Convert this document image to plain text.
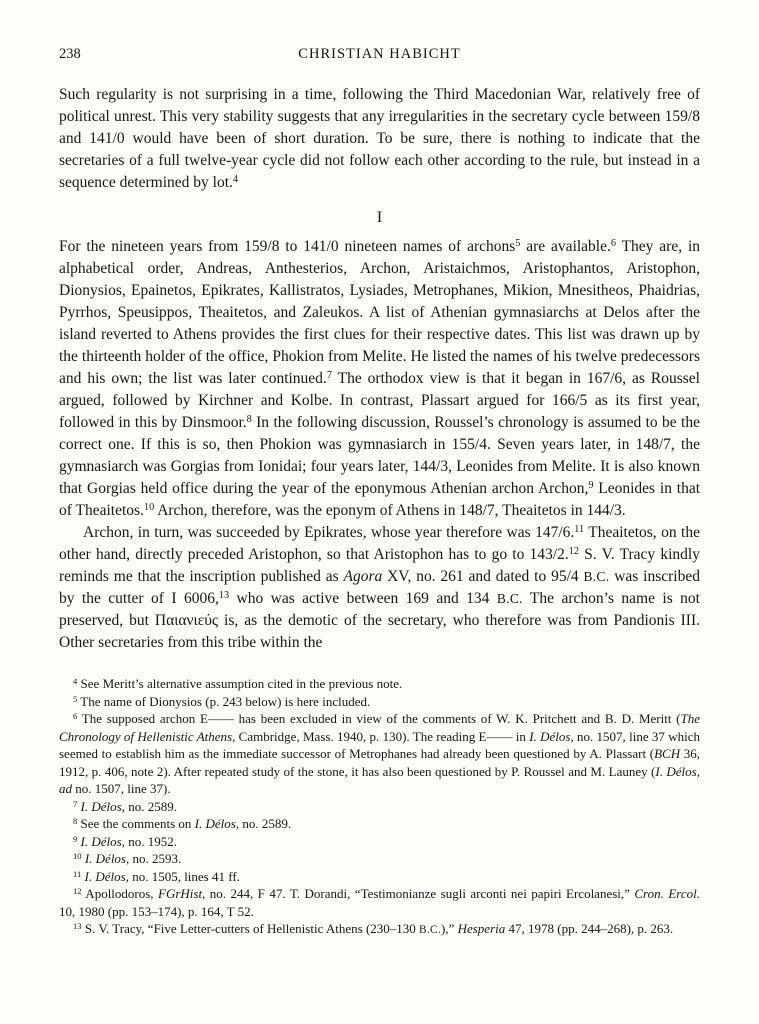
238	CHRISTIAN HABICHT

Such regularity is not surprising in a time, following the Third Macedonian War, relatively free of political unrest. This very stability suggests that any irregularities in the secretary cycle between 159/8 and 141/0 would have been of short duration. To be sure, there is nothing to indicate that the secretaries of a full twelve-year cycle did not follow each other according to the rule, but instead in a sequence determined by lot.$^4$

I

For the nineteen years from 159/8 to 141/0 nineteen names of archons$^5$ are available.$^6$ They are, in alphabetical order, Andreas, Anthesterios, Archon, Aristaichmos, Aristophantos, Aristophon, Dionysios, Epainetos, Epikrates, Kallistratos, Lysiades, Metrophanes, Mikion, Mnesitheos, Phaidrias, Pyrrhos, Speusippos, Theaitetos, and Zaleukos. A list of Athenian gymnasiarchs at Delos after the island reverted to Athens provides the first clues for their respective dates. This list was drawn up by the thirteenth holder of the office, Phokion from Melite. He listed the names of his twelve predecessors and his own; the list was later continued.$^7$ The orthodox view is that it began in 167/6, as Roussel argued, followed by Kirchner and Kolbe. In contrast, Plassart argued for 166/5 as its first year, followed in this by Dinsmoor.$^8$ In the following discussion, Roussel’s chronology is assumed to be the correct one. If this is so, then Phokion was gymnasiarch in 155/4. Seven years later, in 148/7, the gymnasiarch was Gorgias from Ionidai; four years later, 144/3, Leonides from Melite. It is also known that Gorgias held office during the year of the eponymous Athenian archon Archon,$^9$ Leonides in that of Theaitetos.$^{10}$ Archon, therefore, was the eponym of Athens in 148/7, Theaitetos in 144/3.

Archon, in turn, was succeeded by Epikrates, whose year therefore was 147/6.11 Theaitetos, on the other hand, directly preceded Aristophon, so that Aristophon has to go to 143/2.12 S. V. Tracy kindly reminds me that the inscription published as Agora XV, no. 261 and dated to 95/4 B.C. was inscribed by the cutter of I 6006,13 who was active between 169 and 134 B.C. The archon’s name is not preserved, but Παιανιεύς is, as the demotic of the secretary, who therefore was from Pandionis III. Other secretaries from this tribe within the

$^4$ See Meritt’s alternative assumption cited in the previous note.

$^5$ The name of Dionysios (p. 243 below) is here included.

$^6$ The supposed archon E—— has been excluded in view of the comments of W. K. Pritchett and B. D. Meritt (The Chronology of Hellenistic Athens, Cambridge, Mass. 1940, p. 130). The reading E—— in I. Délos, no. 1507, line 37 which seemed to establish him as the immediate successor of Metrophanes had already been questioned by A. Plassart (BCH 36, 1912, p. 406, note 2). After repeated study of the stone, it has also been questioned by P. Roussel and M. Launey (I. Délos, ad no. 1507, line 37).

$^7$ I. Délos, no. 2589.

$^8$ See the comments on I. Délos, no. 2589.

$^9$ I. Délos, no. 1952.

$^{10}$ I. Délos, no. 2593.

$^{11}$ I. Délos, no. 1505, lines 41 ff.

$^{12}$ Apollodoros, FGrHist, no. 244, F 47. T. Dorandi, “Testimonianze sugli arconti nei papiri Ercolanesi,” Cron. Ercol. 10, 1980 (pp. 153–174), p. 164, T 52.

$^{13}$ S. V. Tracy, “Five Letter-cutters of Hellenistic Athens (230–130 B.C.),” Hesperia 47, 1978 (pp. 244–268), p. 263.
